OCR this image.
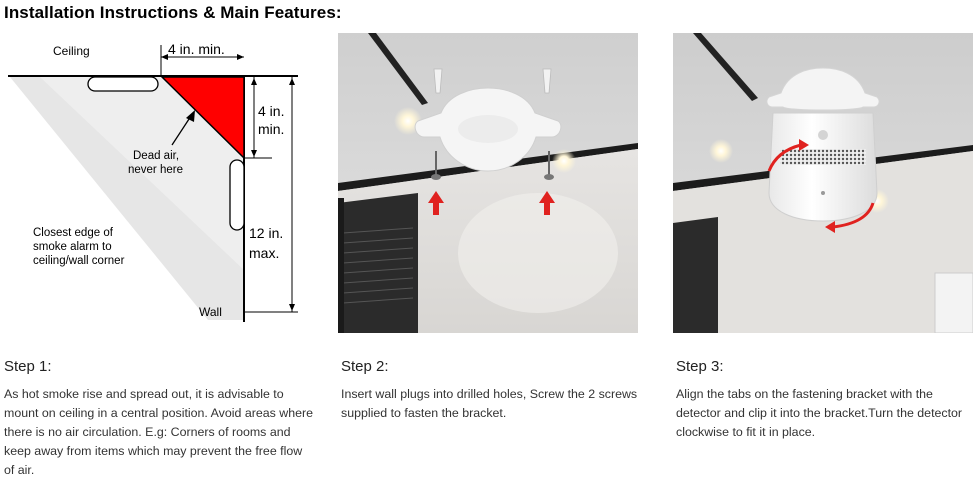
Installation Instructions & Main Features:
Ceiling	4 in. min.
4 in.
min.
Dead air,
never here
Closest edge of
smoke alarm to
ceiling/wall corner
12 in.
max.
Wall
Step 1:
As hot smoke rise and spread out, it is advisable to mount on ceiling in a central position. Avoid areas where there is no air circulation. E.g: Corners of rooms and keep away from items which may prevent the free flow of air.
Step 2:
Insert wall plugs into drilled holes, Screw the 2 screws supplied to fasten the bracket.
Step 3:
Align the tabs on the fastening bracket with the detector and clip it into the bracket.Turn the detector clockwise to fit it in place.
